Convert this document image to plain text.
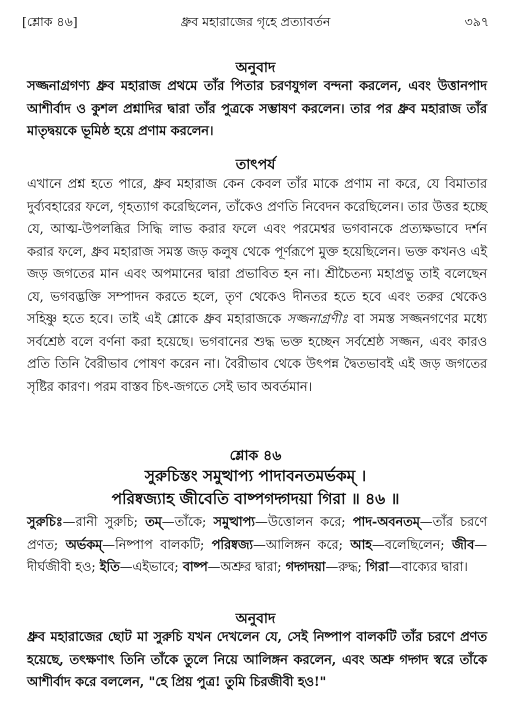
[শ্লোক ৪৬]	ধ্রুব মহারাজের গৃহে প্রত্যাবর্তন	৩৯৭
অনুবাদ
সজ্জনাগ্রগণ্য ধ্রুব মহারাজ প্রথমে তাঁর পিতার চরণযুগল বন্দনা করলেন, এবং উত্তানপাদ আশীর্বাদ ও কুশল প্রশ্নাদির দ্বারা তাঁর পুত্রকে সম্ভাষণ করলেন। তার পর ধ্রুব মহারাজ তাঁর মাতৃদ্বয়কে ভূমিষ্ঠ হয়ে প্রণাম করলেন।
তাৎপর্য
এখানে প্রশ্ন হতে পারে, ধ্রুব মহারাজ কেন কেবল তাঁর মাকে প্রণাম না করে, যে বিমাতার দুর্ব্যবহারের ফলে, গৃহত্যাগ করেছিলেন, তাঁকেও প্রণতি নিবেদন করেছিলেন। তার উত্তর হচ্ছে যে, আত্ম-উপলব্ধির সিদ্ধি লাভ করার ফলে এবং পরমেশ্বর ভগবানকে প্রত্যক্ষভাবে দর্শন করার ফলে, ধ্রুব মহারাজ সমস্ত জড় কলুষ থেকে পূর্ণরূপে মুক্ত হয়েছিলেন। ভক্ত কখনও এই জড় জগতের মান এবং অপমানের দ্বারা প্রভাবিত হন না। শ্রীচৈতন্য মহাপ্রভু তাই বলেছেন যে, ভগবদ্ভক্তি সম্পাদন করতে হলে, তৃণ থেকেও দীনতর হতে হবে এবং তরুর থেকেও সহিষ্ণু হতে হবে। তাই এই শ্লোকে ধ্রুব মহারাজকে সজ্জনাগ্রণীঃ বা সমস্ত সজ্জনগণের মধ্যে সর্বশ্রেষ্ঠ বলে বর্ণনা করা হয়েছে। ভগবানের শুদ্ধ ভক্ত হচ্ছেন সর্বশ্রেষ্ঠ সজ্জন, এবং কারও প্রতি তিনি বৈরীভাব পোষণ করেন না। বৈরীভাব থেকে উৎপন্ন দ্বৈতভাবই এই জড় জগতের সৃষ্টির কারণ। পরম বাস্তব চিৎ-জগতে সেই ভাব অবর্তমান।
শ্লোক ৪৬
সুরুচিস্তং সমুত্থাপ্য পাদাবনতমর্ভকম্ ।
পরিষ্বজ্যাহ জীবেতি বাষ্পগদ্গদয়া গিরা ॥ ৪৬ ॥
সুরুচিঃ—রানী সুরুচি; তম্—তাঁকে; সমুত্থাপ্য—উত্তোলন করে; পাদ-অবনতম্—তাঁর চরণে প্রণত; অর্ভকম্—নিষ্পাপ বালকটি; পরিষ্বজ্য—আলিঙ্গন করে; আহ—বলেছিলেন; জীব—দীর্ঘজীবী হও; ইতি—এইভাবে; বাষ্প—অশ্রুর দ্বারা; গদ্গদয়া—রুদ্ধ; গিরা—বাক্যের দ্বারা।
অনুবাদ
ধ্রুব মহারাজের ছোট মা সুরুচি যখন দেখলেন যে, সেই নিষ্পাপ বালকটি তাঁর চরণে প্রণত হয়েছে, তৎক্ষণাৎ তিনি তাঁকে তুলে নিয়ে আলিঙ্গন করলেন, এবং অশ্রু গদ্গদ স্বরে তাঁকে আশীর্বাদ করে বললেন, "হে প্রিয় পুত্র! তুমি চিরজীবী হও!"
